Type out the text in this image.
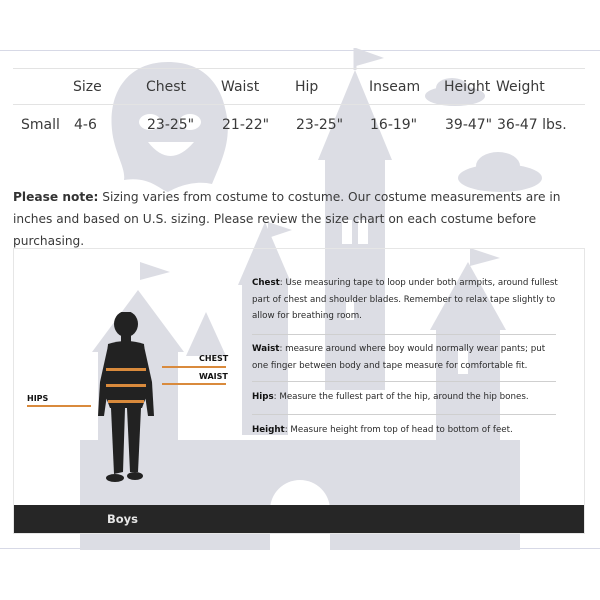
	Size	Chest	Waist	Hip	Inseam	Height	Weight
Small	4-6	23-25"	21-22"	23-25"	16-19"	39-47"	36-47 lbs.

Please note: Sizing varies from costume to costume. Our costume measurements are in inches and based on U.S. sizing. Please review the size chart on each costume before purchasing.

Boys
CHEST
WAIST
HIPS

Chest: Use measuring tape to loop under both armpits, around fullest part of chest and shoulder blades. Remember to relax tape slightly to allow for breathing room.

Waist: measure around where boy would normally wear pants; put one finger between body and tape measure for comfortable fit.

Hips: Measure the fullest part of the hip, around the hip bones.

Height: Measure height from top of head to bottom of feet.
